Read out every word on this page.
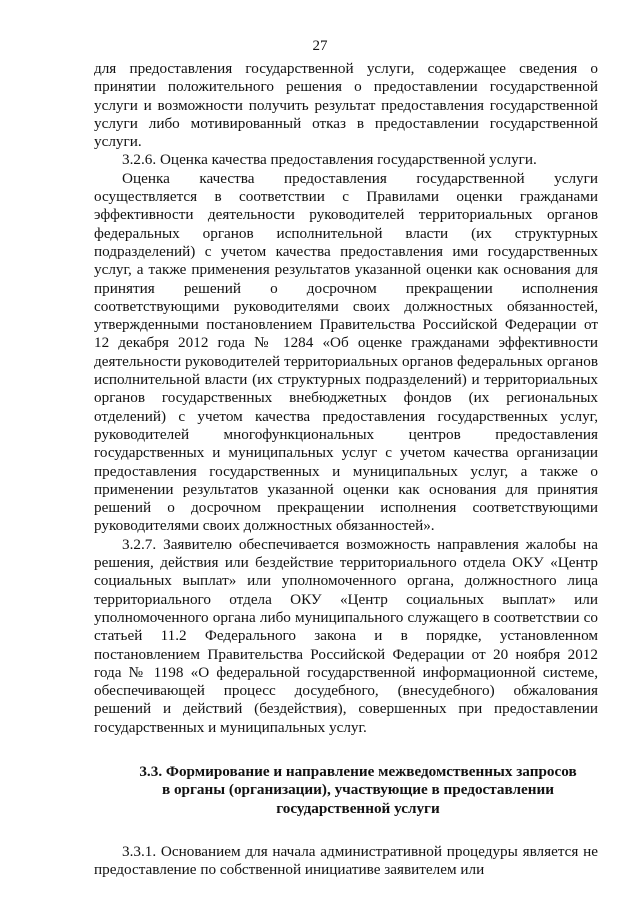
27

для предоставления государственной услуги, содержащее сведения о принятии положительного решения о предоставлении государственной услуги и возможности получить результат предоставления государственной услуги либо мотивированный отказ в предоставлении государственной услуги.

3.2.6. Оценка качества предоставления государственной услуги.

Оценка качества предоставления государственной услуги осуществляется в соответствии с Правилами оценки гражданами эффективности деятельности руководителей территориальных органов федеральных органов исполнительной власти (их структурных подразделений) с учетом качества предоставления ими государственных услуг, а также применения результатов указанной оценки как основания для принятия решений о досрочном прекращении исполнения соответствующими руководителями своих должностных обязанностей, утвержденными постановлением Правительства Российской Федерации от 12 декабря 2012 года № 1284 «Об оценке гражданами эффективности деятельности руководителей территориальных органов федеральных органов исполнительной власти (их структурных подразделений) и территориальных органов государственных внебюджетных фондов (их региональных отделений) с учетом качества предоставления государственных услуг, руководителей многофункциональных центров предоставления государственных и муниципальных услуг с учетом качества организации предоставления государственных и муниципальных услуг, а также о применении результатов указанной оценки как основания для принятия решений о досрочном прекращении исполнения соответствующими руководителями своих должностных обязанностей».

3.2.7. Заявителю обеспечивается возможность направления жалобы на решения, действия или бездействие территориального отдела ОКУ «Центр социальных выплат» или уполномоченного органа, должностного лица территориального отдела ОКУ «Центр социальных выплат» или уполномоченного органа либо муниципального служащего в соответствии со статьей 11.2 Федерального закона и в порядке, установленном постановлением Правительства Российской Федерации от 20 ноября 2012 года № 1198 «О федеральной государственной информационной системе, обеспечивающей процесс досудебного, (внесудебного) обжалования решений и действий (бездействия), совершенных при предоставлении государственных и муниципальных услуг.

3.3. Формирование и направление межведомственных запросов
в органы (организации), участвующие в предоставлении
государственной услуги

3.3.1. Основанием для начала административной процедуры является не предоставление по собственной инициативе заявителем или
